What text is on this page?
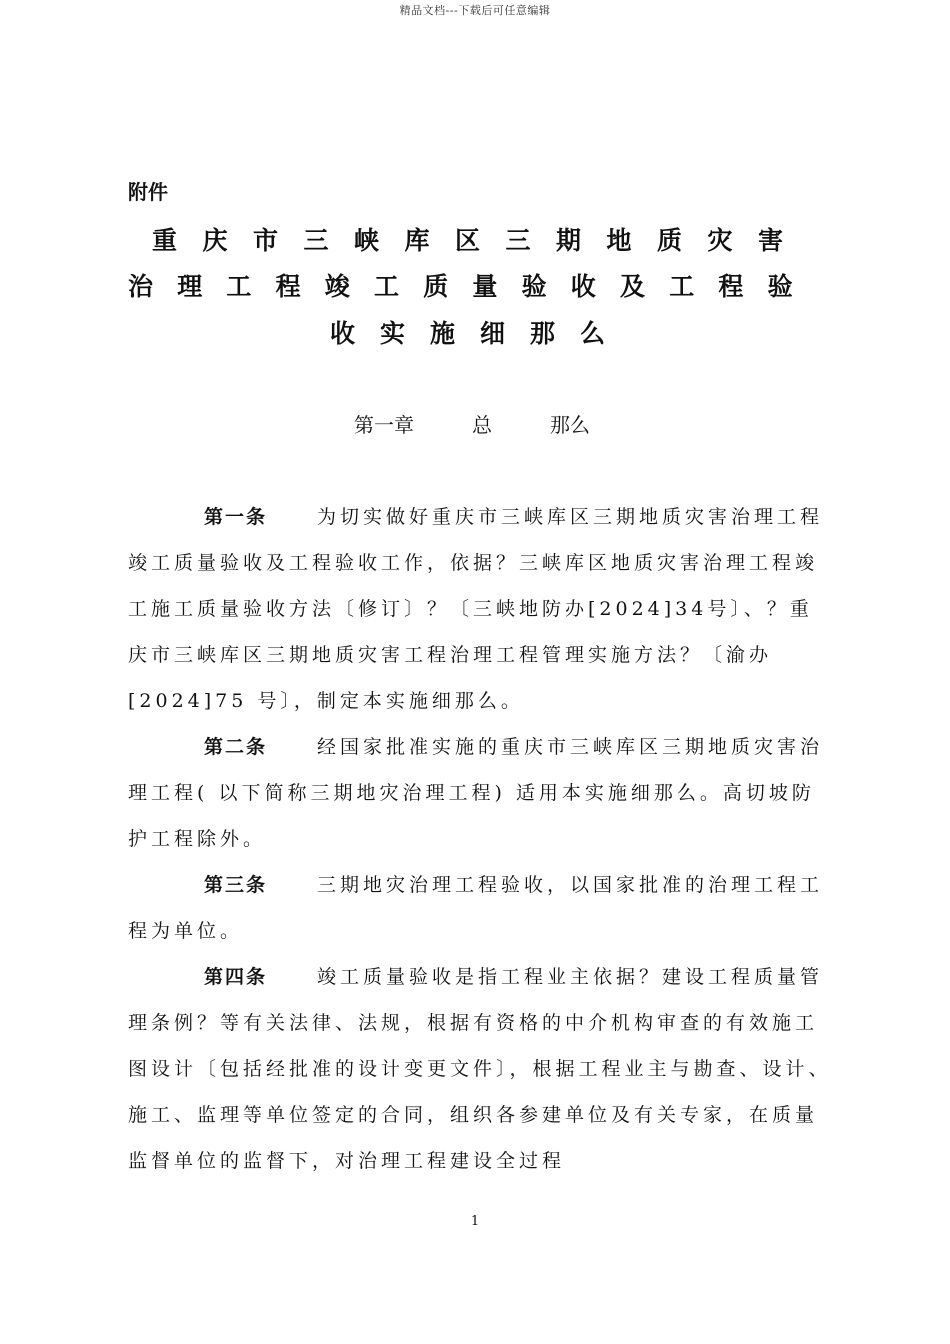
精品文档---下载后可任意编辑
附件
重庆市三峡库区三期地质灾害
治理工程竣工质量验收及工程验
收实施细那么
第一章	总	那么

第一条	为切实做好重庆市三峡库区三期地质灾害治理工程竣工质量验收及工程验收工作，依据？三峡库区地质灾害治理工程竣工施工质量验收方法〔修订〕？〔三峡地防办[2024]34号〕、？重庆市三峡库区三期地质灾害工程治理工程管理实施方法？〔渝办[2024]75 号〕，制定本实施细那么。

第二条	经国家批准实施的重庆市三峡库区三期地质灾害治理工程( 以下简称三期地灾治理工程) 适用本实施细那么。高切坡防护工程除外。

第三条	三期地灾治理工程验收，以国家批准的治理工程工程为单位。

第四条	竣工质量验收是指工程业主依据？建设工程质量管理条例？等有关法律、法规，根据有资格的中介机构审查的有效施工图设计〔包括经批准的设计变更文件〕，根据工程业主与勘查、设计、施工、监理等单位签定的合同，组织各参建单位及有关专家，在质量监督单位的监督下，对治理工程建设全过程

1
